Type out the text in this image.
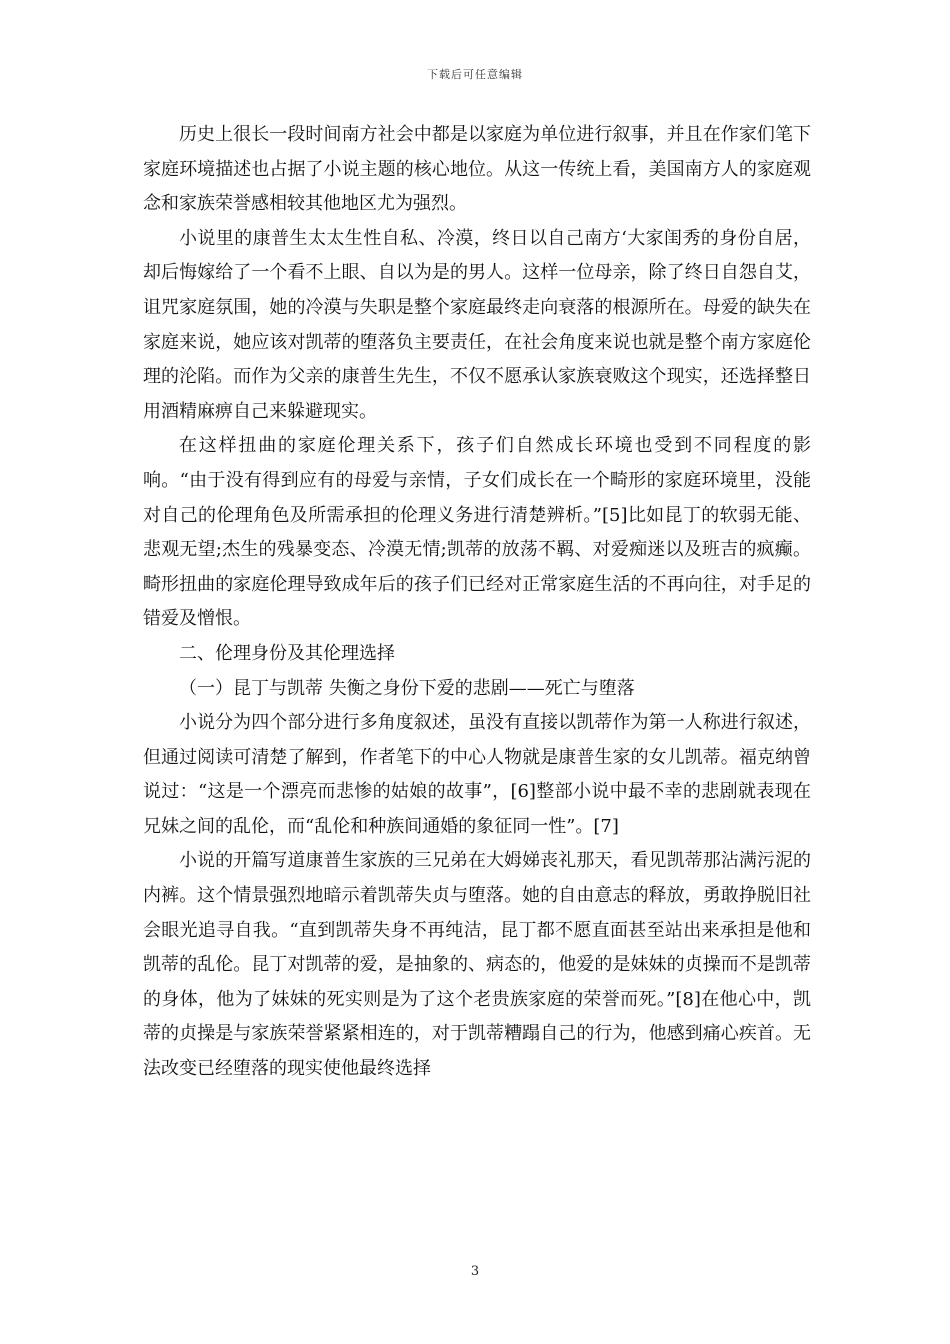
下载后可任意编辑

历史上很长一段时间南方社会中都是以家庭为单位进行叙事，并且在作家们笔下家庭环境描述也占据了小说主题的核心地位。从这一传统上看，美国南方人的家庭观念和家族荣誉感相较其他地区尤为强烈。

小说里的康普生太太生性自私、冷漠，终日以自己南方‘大家闺秀的身份自居，却后悔嫁给了一个看不上眼、自以为是的男人。这样一位母亲，除了终日自怨自艾，诅咒家庭氛围，她的冷漠与失职是整个家庭最终走向衰落的根源所在。母爱的缺失在家庭来说，她应该对凯蒂的堕落负主要责任，在社会角度来说也就是整个南方家庭伦理的沦陷。而作为父亲的康普生先生，不仅不愿承认家族衰败这个现实，还选择整日用酒精麻痹自己来躲避现实。

在这样扭曲的家庭伦理关系下，孩子们自然成长环境也受到不同程度的影响。“由于没有得到应有的母爱与亲情，子女们成长在一个畸形的家庭环境里，没能对自己的伦理角色及所需承担的伦理义务进行清楚辨析。”[5]比如昆丁的软弱无能、悲观无望;杰生的残暴变态、冷漠无情;凯蒂的放荡不羁、对爱痴迷以及班吉的疯癫。畸形扭曲的家庭伦理导致成年后的孩子们已经对正常家庭生活的不再向往，对手足的错爱及憎恨。

二、伦理身份及其伦理选择

（一）昆丁与凯蒂 失衡之身份下爱的悲剧——死亡与堕落

小说分为四个部分进行多角度叙述，虽没有直接以凯蒂作为第一人称进行叙述，但通过阅读可清楚了解到，作者笔下的中心人物就是康普生家的女儿凯蒂。福克纳曾说过：“这是一个漂亮而悲惨的姑娘的故事”，[6]整部小说中最不幸的悲剧就表现在兄妹之间的乱伦，而“乱伦和种族间通婚的象征同一性”。[7]

小说的开篇写道康普生家族的三兄弟在大姆娣丧礼那天，看见凯蒂那沾满污泥的内裤。这个情景强烈地暗示着凯蒂失贞与堕落。她的自由意志的释放，勇敢挣脱旧社会眼光追寻自我。“直到凯蒂失身不再纯洁，昆丁都不愿直面甚至站出来承担是他和凯蒂的乱伦。昆丁对凯蒂的爱，是抽象的、病态的，他爱的是妹妹的贞操而不是凯蒂的身体，他为了妹妹的死实则是为了这个老贵族家庭的荣誉而死。”[8]在他心中，凯蒂的贞操是与家族荣誉紧紧相连的，对于凯蒂糟蹋自己的行为，他感到痛心疾首。无法改变已经堕落的现实使他最终选择

3
